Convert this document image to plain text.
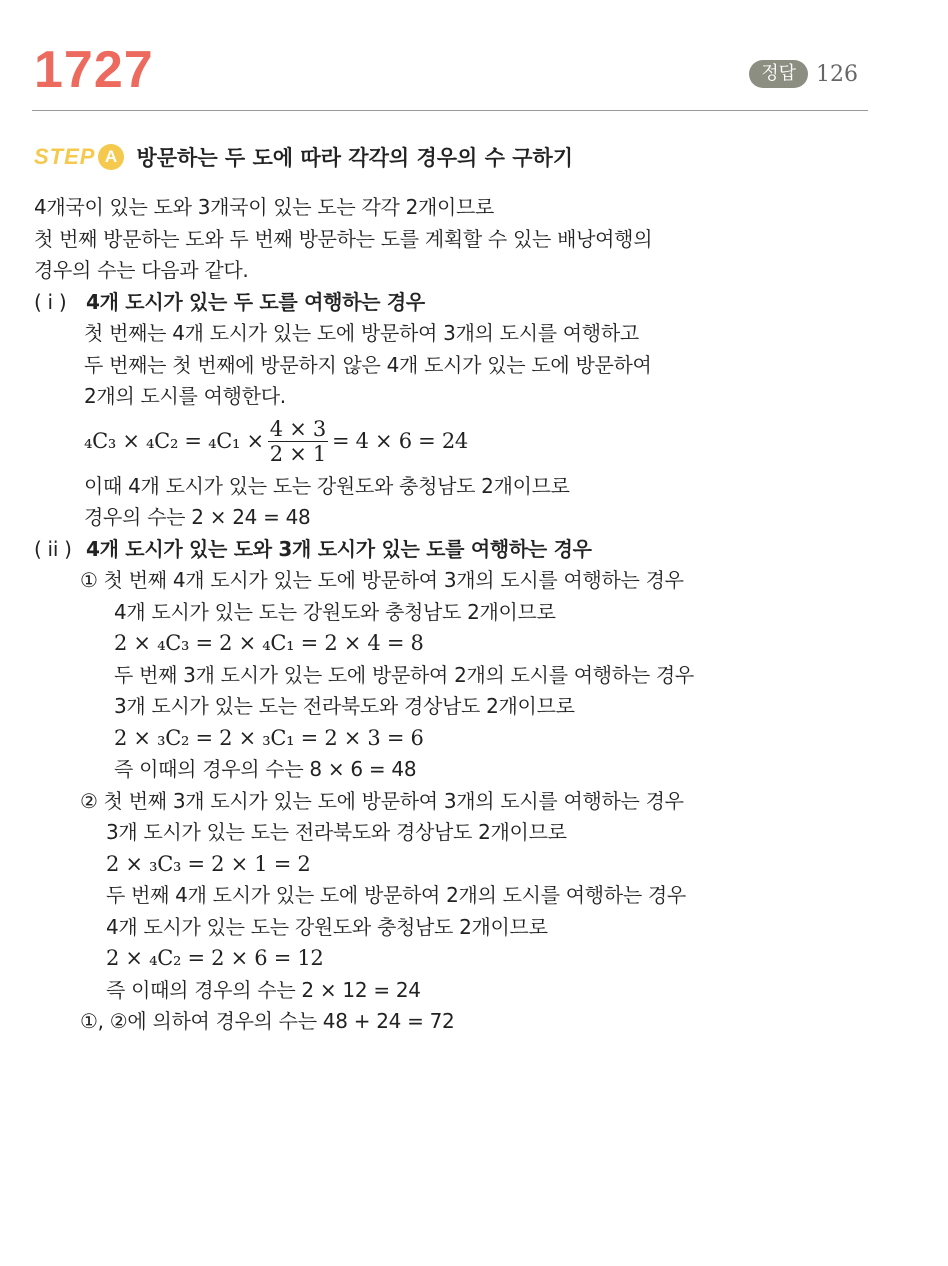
1727	정답 126
STEP A 방문하는 두 도에 따라 각각의 경우의 수 구하기
4개국이 있는 도와 3개국이 있는 도는 각각 2개이므로
첫 번째 방문하는 도와 두 번째 방문하는 도를 계획할 수 있는 배낭여행의
경우의 수는 다음과 같다.
( i ) 4개 도시가 있는 두 도를 여행하는 경우
첫 번째는 4개 도시가 있는 도에 방문하여 3개의 도시를 여행하고
두 번째는 첫 번째에 방문하지 않은 4개 도시가 있는 도에 방문하여
2개의 도시를 여행한다.
$_4C_3 \times _4C_2 = _4C_1 \times \frac{4 \times 3}{2 \times 1} = 4 \times 6 = 24$
이때 4개 도시가 있는 도는 강원도와 충청남도 2개이므로
경우의 수는 2 × 24 = 48
( ii ) 4개 도시가 있는 도와 3개 도시가 있는 도를 여행하는 경우
① 첫 번째 4개 도시가 있는 도에 방문하여 3개의 도시를 여행하는 경우
4개 도시가 있는 도는 강원도와 충청남도 2개이므로
2 × ₄C₃ = 2 × ₄C₁ = 2 × 4 = 8
두 번째 3개 도시가 있는 도에 방문하여 2개의 도시를 여행하는 경우
3개 도시가 있는 도는 전라북도와 경상남도 2개이므로
2 × ₃C₂ = 2 × ₃C₁ = 2 × 3 = 6
즉 이때의 경우의 수는 8 × 6 = 48
② 첫 번째 3개 도시가 있는 도에 방문하여 3개의 도시를 여행하는 경우
3개 도시가 있는 도는 전라북도와 경상남도 2개이므로
2 × ₃C₃ = 2 × 1 = 2
두 번째 4개 도시가 있는 도에 방문하여 2개의 도시를 여행하는 경우
4개 도시가 있는 도는 강원도와 충청남도 2개이므로
2 × ₄C₂ = 2 × 6 = 12
즉 이때의 경우의 수는 2 × 12 = 24
①, ②에 의하여 경우의 수는 48 + 24 = 72
